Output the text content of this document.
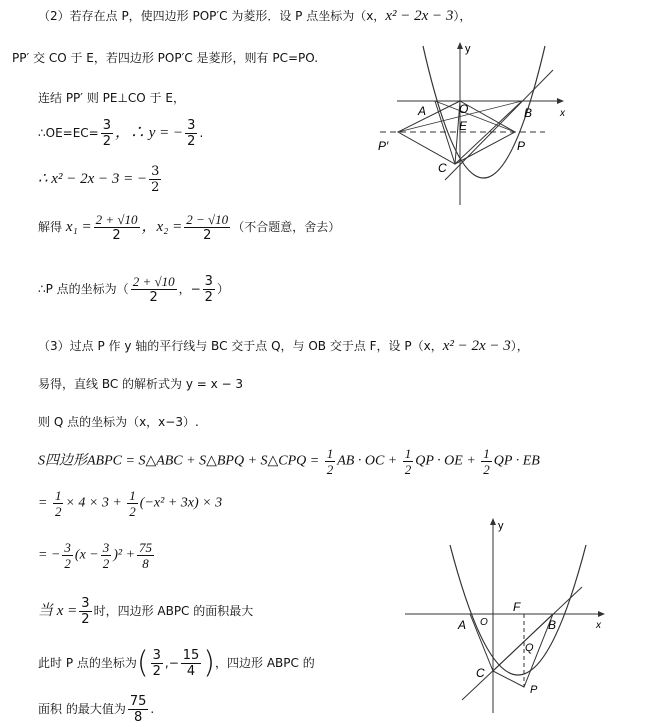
（2）若存在点 P，使四边形 POP′C 为菱形．设 P 点坐标为（x，x² − 2x − 3），
PP′ 交 CO 于 E，若四边形 POP′C 是菱形，则有 PC=PO.
连结 PP′ 则 PE⊥CO 于 E，
∴OE=EC= $\frac{3}{2}$ ，∴ y = − $\frac{3}{2}$ .
∴ x² − 2x − 3 = − $\frac{3}{2}$
解得 $x_1 = \frac{2 + √10}{2}$ ，$x_2 = \frac{2 - √10}{2}$ （不合题意，舍去）
∴P 点的坐标为（ $\frac{2 + √10}{2}$ ，− $\frac{3}{2}$ ）
（3）过点 P 作 y 轴的平行线与 BC 交于点 Q，与 OB 交于点 F，设 P（x，x² − 2x − 3），
易得，直线 BC 的解析式为 y = x − 3
则 Q 点的坐标为（x，x−3）.
S四边形ABPC = S△ABC + S△BPQ + S△CPQ = $\frac{1}{2}$ AB · OC + $\frac{1}{2}$ QP · OE + $\frac{1}{2}$ QP · EB
= $\frac{1}{2} \times 4 \times 3 + \frac{1}{2} (-x^2 + 3x) \times 3$
= − $\frac{3}{2} (x - \frac{3}{2} )^2 + \frac{75}{8}$
当 $x = \frac{3}{2}$ 时，四边形 ABPC 的面积最大
此时 P 点的坐标为( $\frac{3}{2}$ ,− $\frac{15}{4}$ )，四边形 ABPC 的
面积 的最大值为 $\frac{75}{8}$ .
y
x
A	O	B
E
P′	P
C
y
x
A O
F
B
Q
C
P
